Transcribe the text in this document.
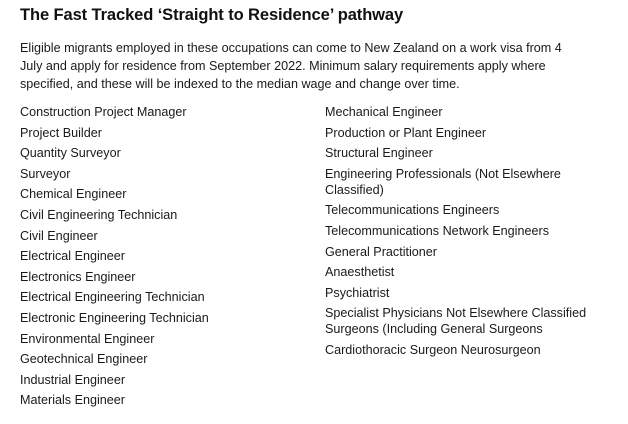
The Fast Tracked ‘Straight to Residence’ pathway
Eligible migrants employed in these occupations can come to New Zealand on a work visa from 4 July and apply for residence from September 2022. Minimum salary requirements apply where specified, and these will be indexed to the median wage and change over time.
Construction Project Manager
Project Builder
Quantity Surveyor
Surveyor
Chemical Engineer
Civil Engineering Technician
Civil Engineer
Electrical Engineer
Electronics Engineer
Electrical Engineering Technician
Electronic Engineering Technician
Environmental Engineer
Geotechnical Engineer
Industrial Engineer
Materials Engineer
Mechanical Engineer
Production or Plant Engineer
Structural Engineer
Engineering Professionals (Not Elsewhere Classified)
Telecommunications Engineers
Telecommunications Network Engineers
General Practitioner
Anaesthetist
Psychiatrist
Specialist Physicians Not Elsewhere Classified Surgeons (Including General Surgeons
Cardiothoracic Surgeon Neurosurgeon
